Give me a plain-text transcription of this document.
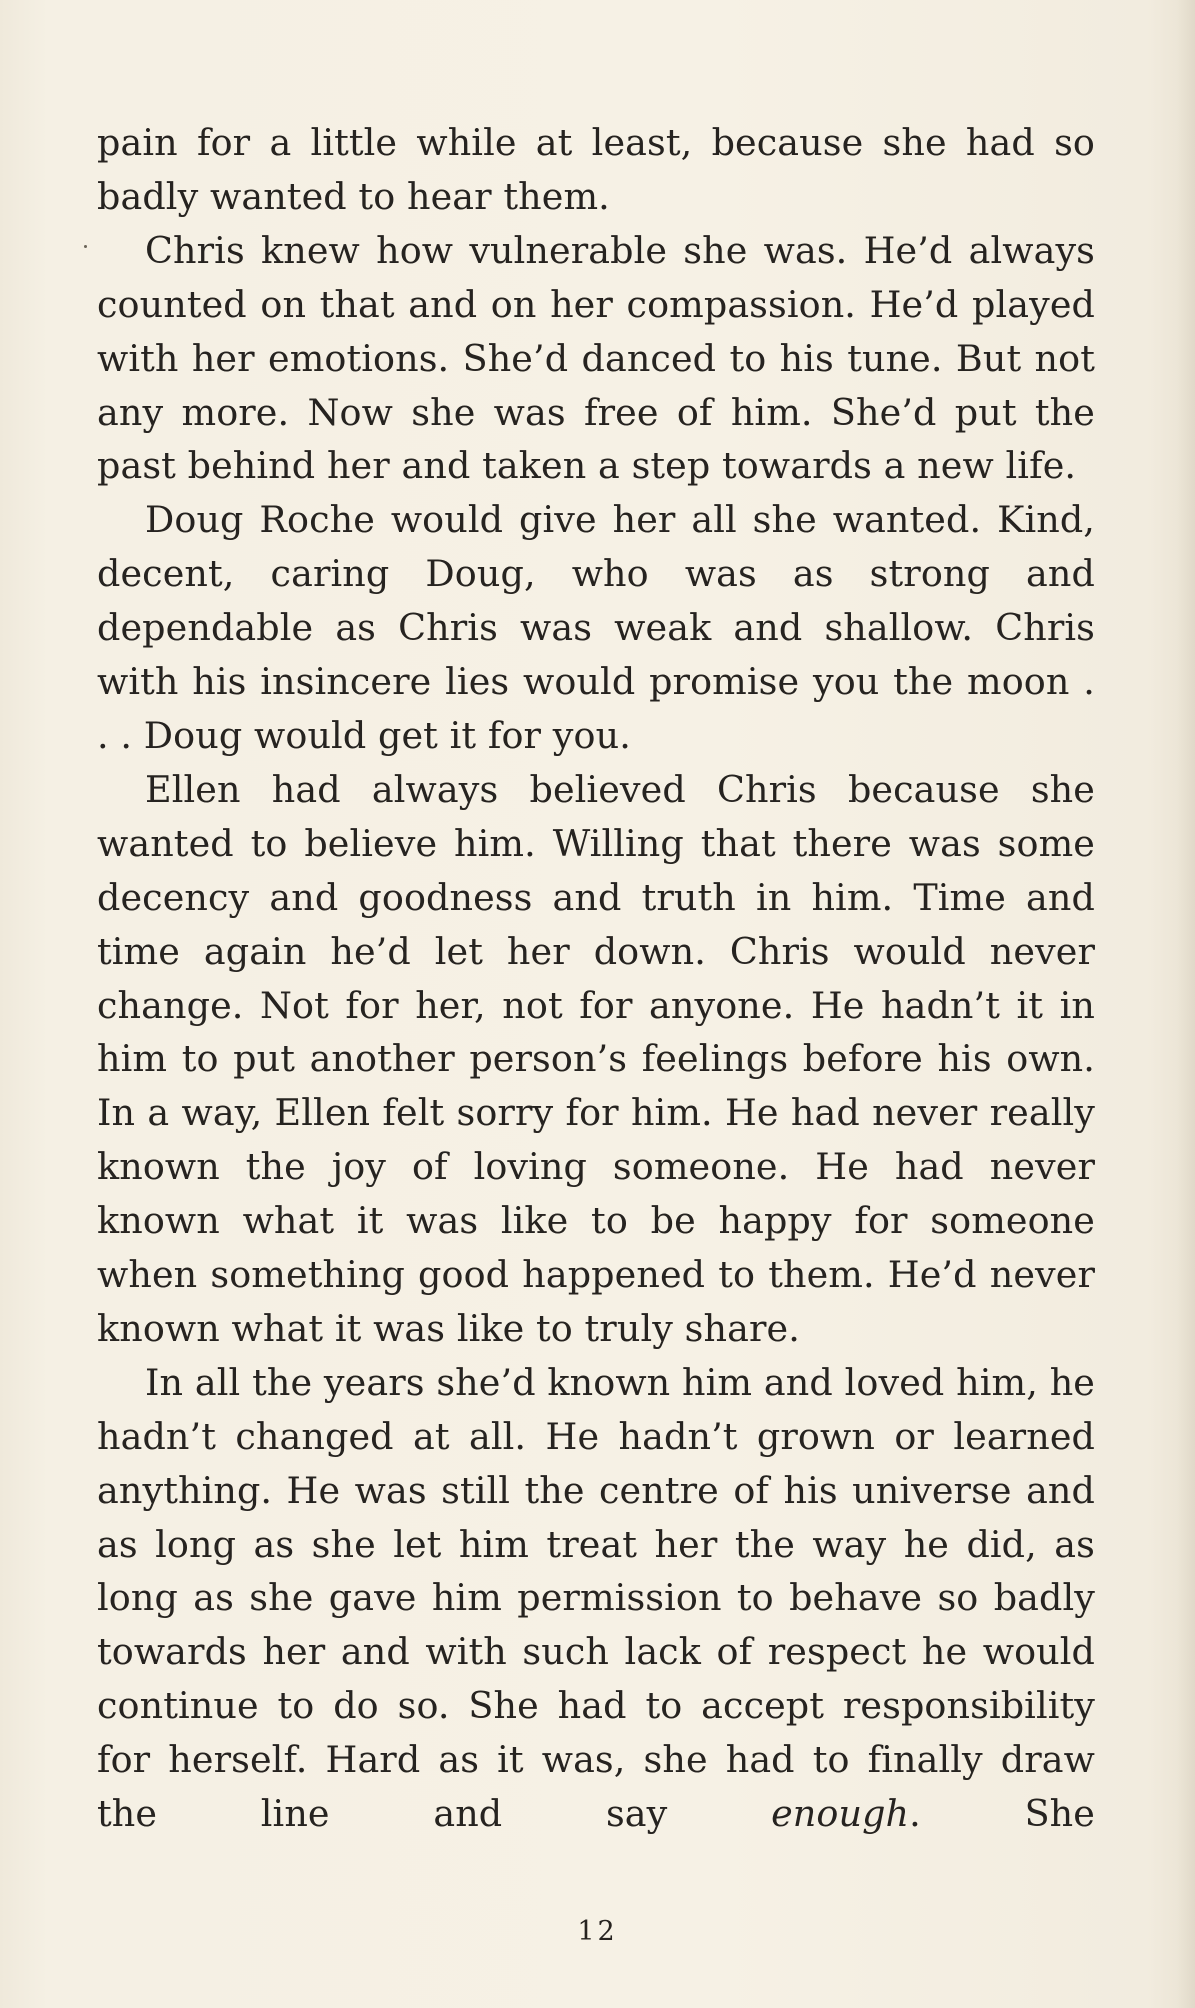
pain for a little while at least, because she had so badly wanted to hear them.

Chris knew how vulnerable she was. He’d always counted on that and on her compassion. He’d played with her emotions. She’d danced to his tune. But not any more. Now she was free of him. She’d put the past behind her and taken a step towards a new life.

Doug Roche would give her all she wanted. Kind, decent, caring Doug, who was as strong and dependable as Chris was weak and shallow. Chris with his insincere lies would promise you the moon . . . Doug would get it for you.

Ellen had always believed Chris because she wanted to believe him. Willing that there was some decency and goodness and truth in him. Time and time again he’d let her down. Chris would never change. Not for her, not for anyone. He hadn’t it in him to put another person’s feelings before his own. In a way, Ellen felt sorry for him. He had never really known the joy of loving someone. He had never known what it was like to be happy for someone when something good happened to them. He’d never known what it was like to truly share.

In all the years she’d known him and loved him, he hadn’t changed at all. He hadn’t grown or learned anything. He was still the centre of his universe and as long as she let him treat her the way he did, as long as she gave him permission to behave so badly towards her and with such lack of respect he would continue to do so. She had to accept responsibility for herself. Hard as it was, she had to finally draw the line and say enough. She

12
